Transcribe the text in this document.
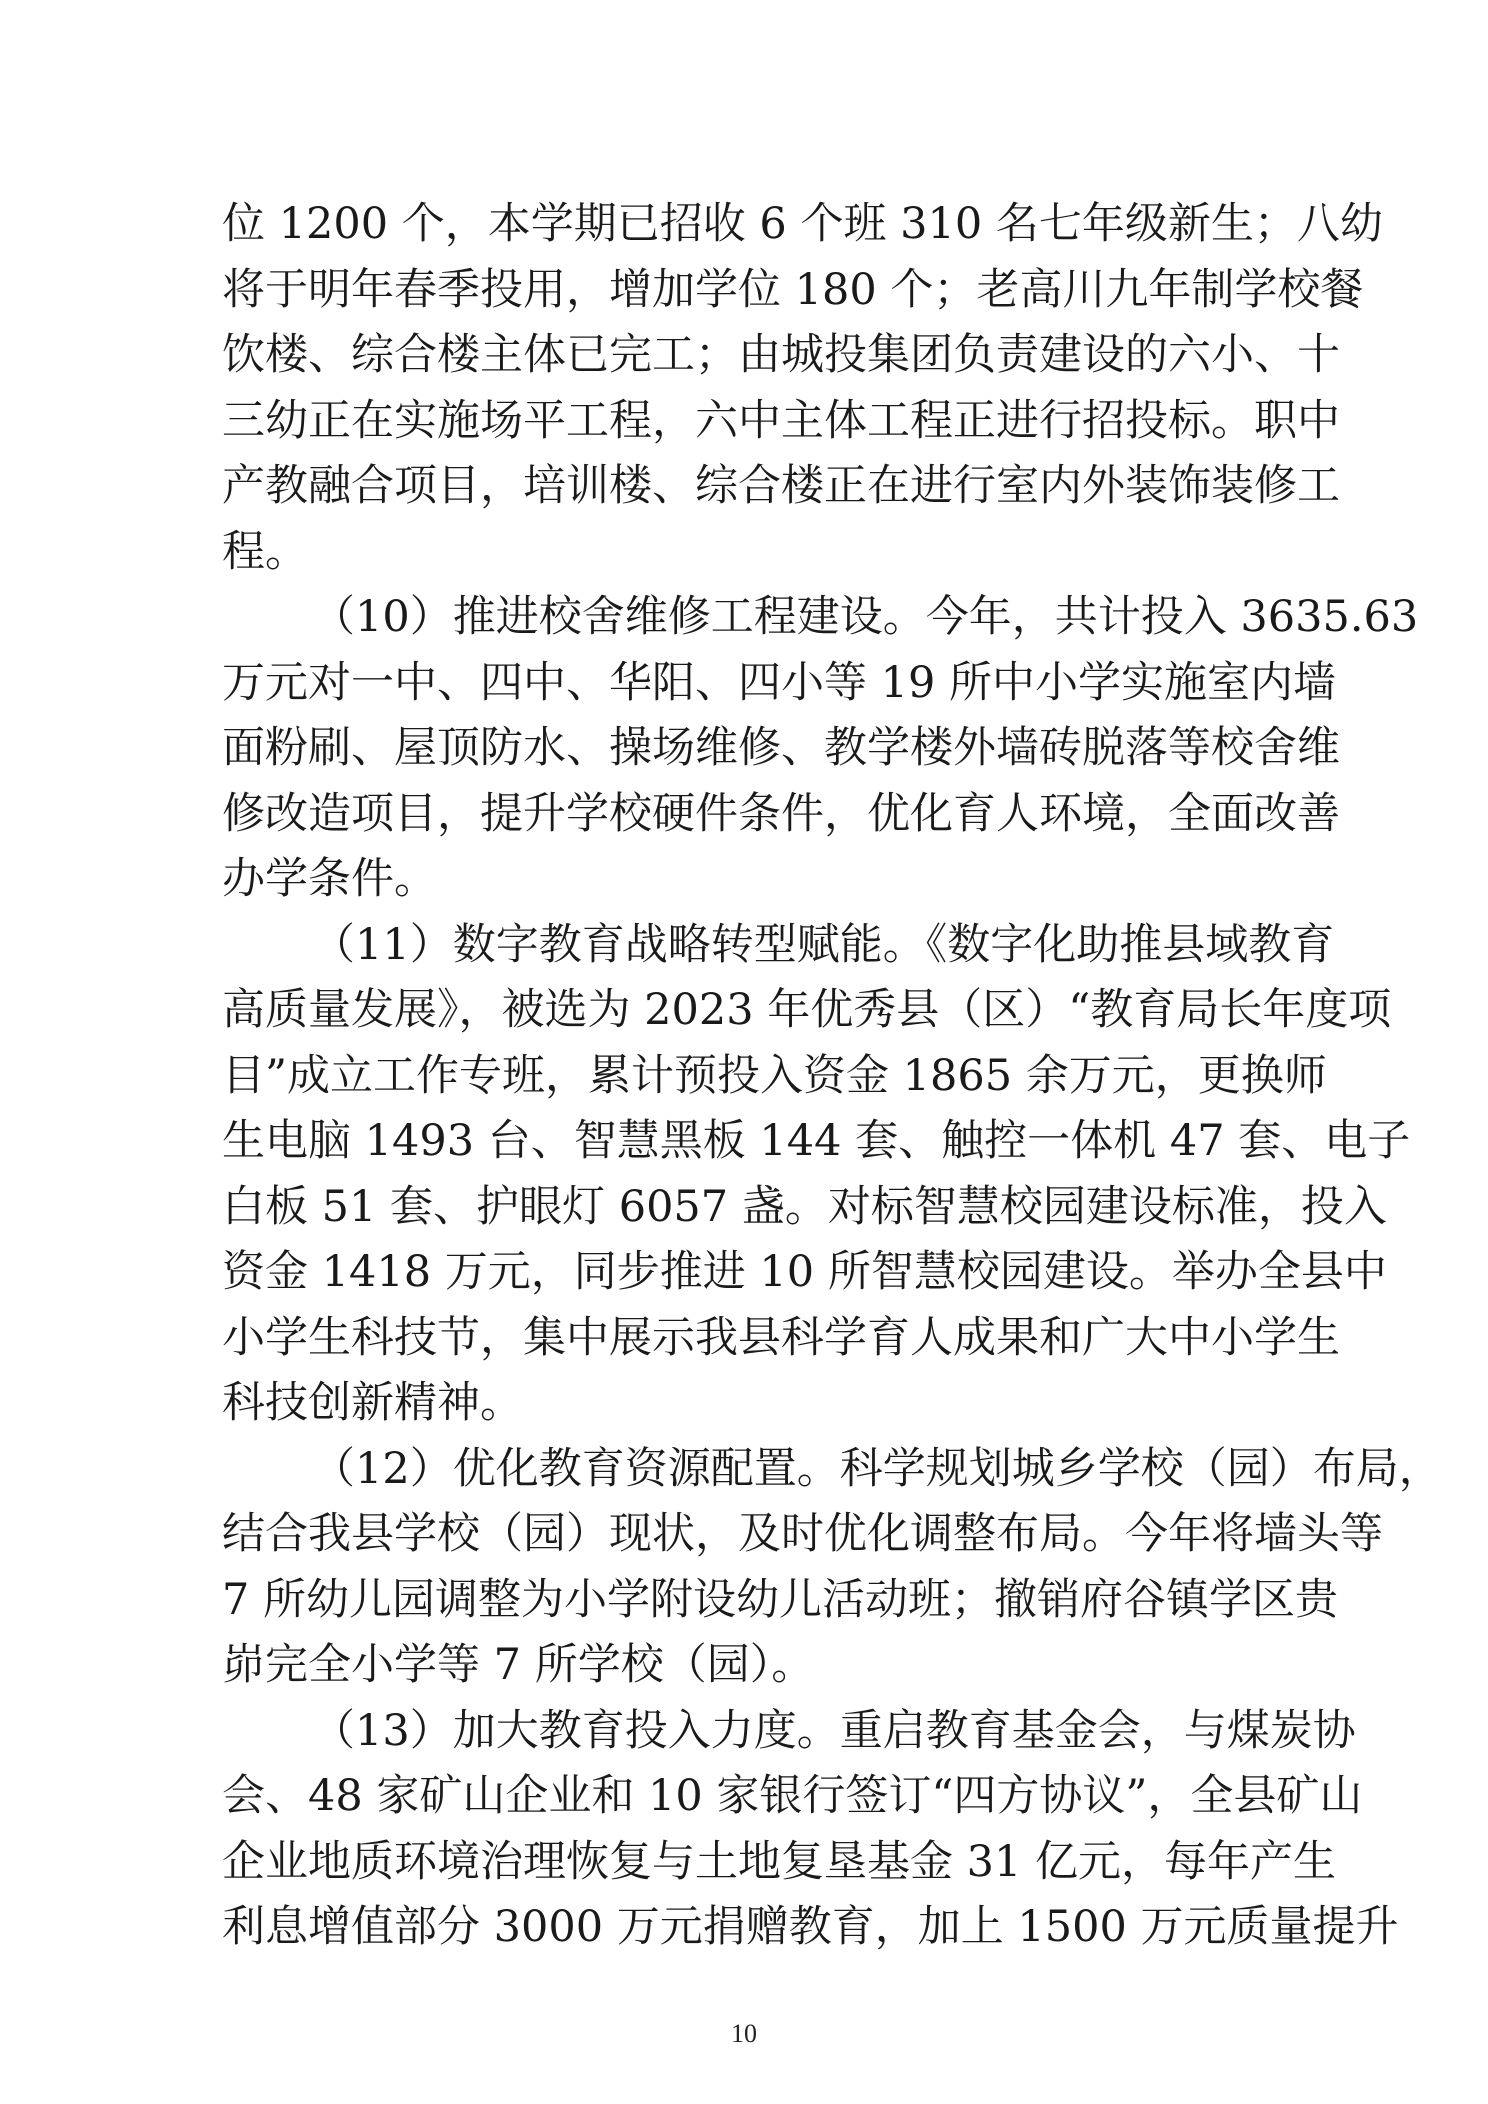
位 1200 个，本学期已招收 6 个班 310 名七年级新生；八幼
将于明年春季投用，增加学位 180 个；老高川九年制学校餐
饮楼、综合楼主体已完工；由城投集团负责建设的六小、十
三幼正在实施场平工程，六中主体工程正进行招投标。职中
产教融合项目，培训楼、综合楼正在进行室内外装饰装修工
程。
（10）推进校舍维修工程建设。今年，共计投入 3635.63
万元对一中、四中、华阳、四小等 19 所中小学实施室内墙
面粉刷、屋顶防水、操场维修、教学楼外墙砖脱落等校舍维
修改造项目，提升学校硬件条件，优化育人环境，全面改善
办学条件。
（11）数字教育战略转型赋能。《数字化助推县域教育
高质量发展》，被选为 2023 年优秀县（区）“教育局长年度项
目”成立工作专班，累计预投入资金 1865 余万元，更换师
生电脑 1493 台、智慧黑板 144 套、触控一体机 47 套、电子
白板 51 套、护眼灯 6057 盏。对标智慧校园建设标准，投入
资金 1418 万元，同步推进 10 所智慧校园建设。举办全县中
小学生科技节，集中展示我县科学育人成果和广大中小学生
科技创新精神。
（12）优化教育资源配置。科学规划城乡学校（园）布局，
结合我县学校（园）现状，及时优化调整布局。今年将墙头等
7 所幼儿园调整为小学附设幼儿活动班；撤销府谷镇学区贵
峁完全小学等 7 所学校（园）。
（13）加大教育投入力度。重启教育基金会，与煤炭协
会、48 家矿山企业和 10 家银行签订“四方协议”，全县矿山
企业地质环境治理恢复与土地复垦基金 31 亿元，每年产生
利息增值部分 3000 万元捐赠教育，加上 1500 万元质量提升
10
